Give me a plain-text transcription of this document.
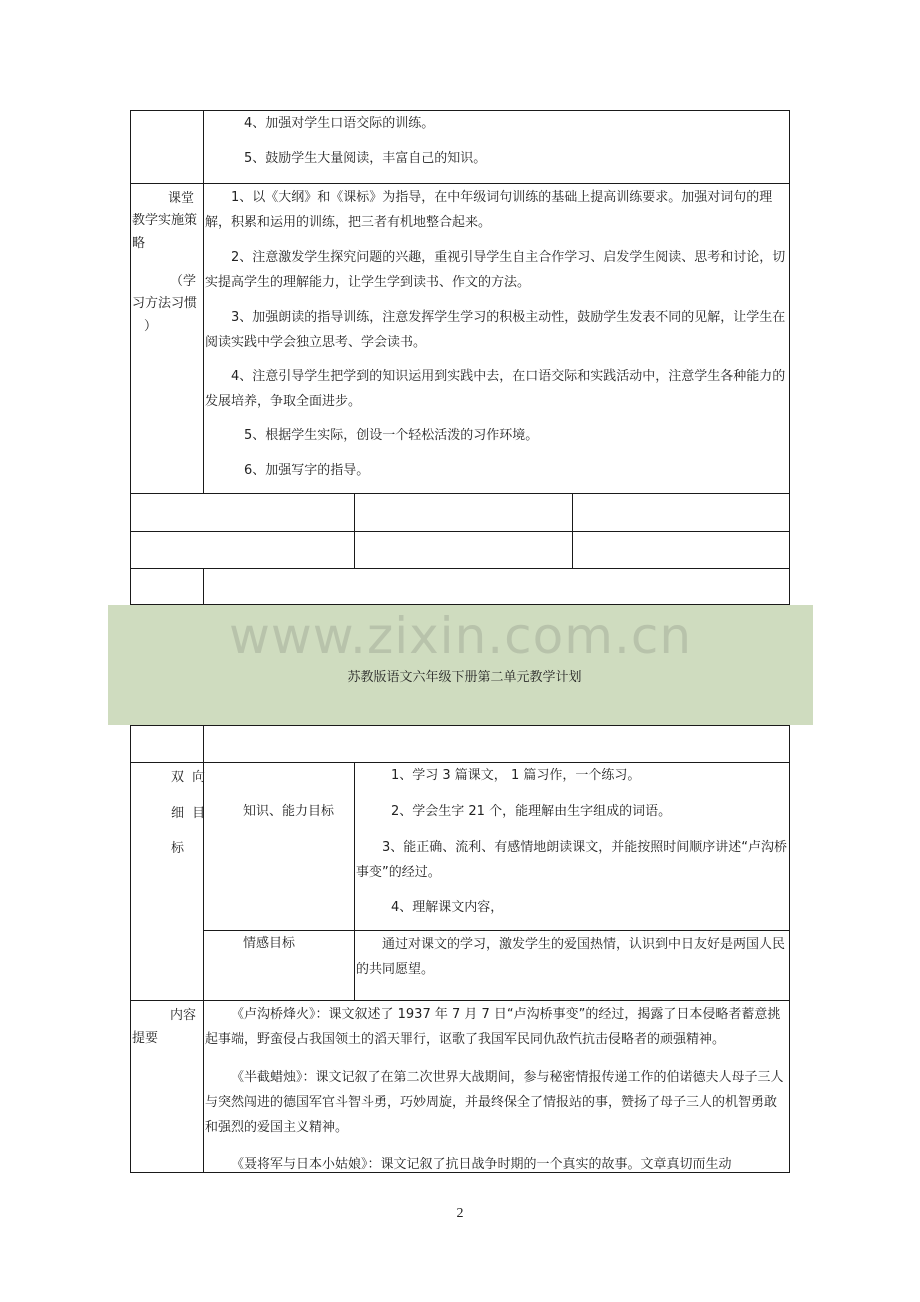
4、加强对学生口语交际的训练。
5、鼓励学生大量阅读，丰富自己的知识。
课堂
教学实施策
略
（学
习方法习惯
）
1、以《大纲》和《课标》为指导，在中年级词句训练的基础上提高训练要求。加强对词句的理解，积累和运用的训练，把三者有机地整合起来。
2、注意激发学生探究问题的兴趣，重视引导学生自主合作学习、启发学生阅读、思考和讨论，切实提高学生的理解能力，让学生学到读书、作文的方法。
3、加强朗读的指导训练，注意发挥学生学习的积极主动性，鼓励学生发表不同的见解，让学生在阅读实践中学会独立思考、学会读书。
4、注意引导学生把学到的知识运用到实践中去，在口语交际和实践活动中，注意学生各种能力的发展培养，争取全面进步。
5、根据学生实际，创设一个轻松活泼的习作环境。
6、加强写字的指导。
www.zixin.com.cn
苏教版语文六年级下册第二单元教学计划
双 向
细 目
标
知识、能力目标
1、学习 3 篇课文， 1 篇习作，一个练习。
2、学会生字 21 个，能理解由生字组成的词语。
3、能正确、流利、有感情地朗读课文，并能按照时间顺序讲述“卢沟桥事变”的经过。
4、理解课文内容，
情感目标	通过对课文的学习，激发学生的爱国热情，认识到中日友好是两国人民的共同愿望。
内容
提要
《卢沟桥烽火》：课文叙述了 1937 年 7 月 7 日“卢沟桥事变”的经过，揭露了日本侵略者蓄意挑起事端，野蛮侵占我国领土的滔天罪行，讴歌了我国军民同仇敌忾抗击侵略者的顽强精神。
《半截蜡烛》：课文记叙了在第二次世界大战期间，参与秘密情报传递工作的伯诺德夫人母子三人与突然闯进的德国军官斗智斗勇，巧妙周旋，并最终保全了情报站的事，赞扬了母子三人的机智勇敢和强烈的爱国主义精神。
《聂将军与日本小姑娘》：课文记叙了抗日战争时期的一个真实的故事。文章真切而生动
2
